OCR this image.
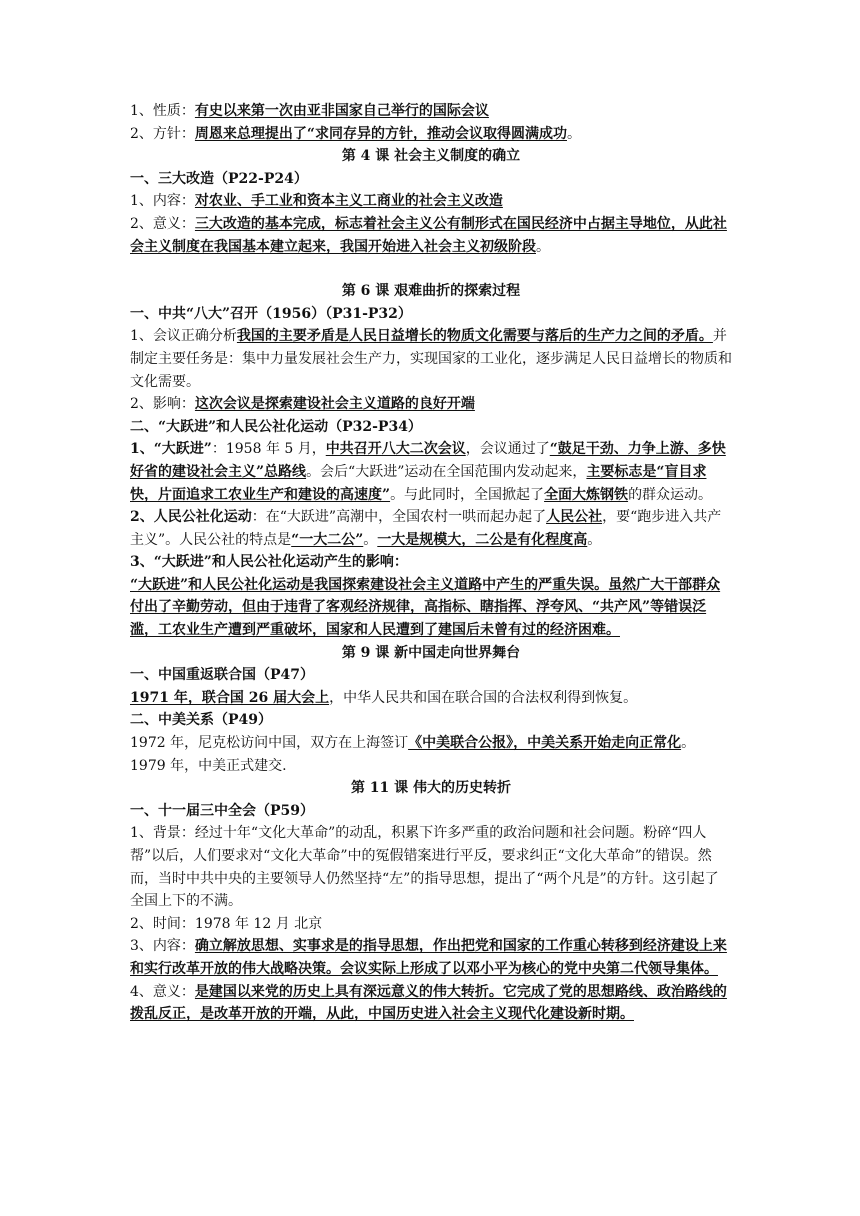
1、性质：有史以来第一次由亚非国家自己举行的国际会议
2、方针：周恩来总理提出了“求同存异的方针，推动会议取得圆满成功。
第 4 课 社会主义制度的确立
一、三大改造（P22-P24）
1、内容：对农业、手工业和资本主义工商业的社会主义改造
2、意义：三大改造的基本完成，标志着社会主义公有制形式在国民经济中占据主导地位，从此社会主义制度在我国基本建立起来，我国开始进入社会主义初级阶段。
第 6 课 艰难曲折的探索过程
一、中共“八大”召开（1956）（P31-P32）
1、会议正确分析我国的主要矛盾是人民日益增长的物质文化需要与落后的生产力之间的矛盾。并制定主要任务是：集中力量发展社会生产力，实现国家的工业化，逐步满足人民日益增长的物质和文化需要。
2、影响：这次会议是探索建设社会主义道路的良好开端
二、“大跃进”和人民公社化运动（P32-P34）
1、“大跃进”：1958 年 5 月，中共召开八大二次会议，会议通过了“鼓足干劲、力争上游、多快好省的建设社会主义”总路线。会后“大跃进”运动在全国范围内发动起来，主要标志是“盲目求快，片面追求工农业生产和建设的高速度”。与此同时，全国掀起了全面大炼钢铁的群众运动。
2、人民公社化运动：在“大跃进”高潮中，全国农村一哄而起办起了人民公社，要“跑步进入共产主义”。人民公社的特点是“一大二公”。一大是规模大，二公是有化程度高。
3、“大跃进”和人民公社化运动产生的影响：
“大跃进”和人民公社化运动是我国探索建设社会主义道路中产生的严重失误。虽然广大干部群众付出了辛勤劳动，但由于违背了客观经济规律，高指标、瞎指挥、浮夸风、“共产风”等错误泛滥，工农业生产遭到严重破坏，国家和人民遭到了建国后未曾有过的经济困难。
第 9 课 新中国走向世界舞台
一、中国重返联合国（P47）
1971 年，联合国 26 届大会上，中华人民共和国在联合国的合法权利得到恢复。
二、中美关系（P49）
1972 年，尼克松访问中国，双方在上海签订《中美联合公报》，中美关系开始走向正常化。
1979 年，中美正式建交.
第 11 课 伟大的历史转折
一、十一届三中全会（P59）
1、背景：经过十年“文化大革命”的动乱，积累下许多严重的政治问题和社会问题。粉碎“四人帮”以后，人们要求对“文化大革命”中的冤假错案进行平反，要求纠正“文化大革命”的错误。然而，当时中共中央的主要领导人仍然坚持“左”的指导思想，提出了“两个凡是”的方针。这引起了全国上下的不满。
2、时间：1978 年 12 月 北京
3、内容：确立解放思想、实事求是的指导思想，作出把党和国家的工作重心转移到经济建设上来和实行改革开放的伟大战略决策。会议实际上形成了以邓小平为核心的党中央第二代领导集体。
4、意义：是建国以来党的历史上具有深远意义的伟大转折。它完成了党的思想路线、政治路线的拨乱反正，是改革开放的开端，从此，中国历史进入社会主义现代化建设新时期。
